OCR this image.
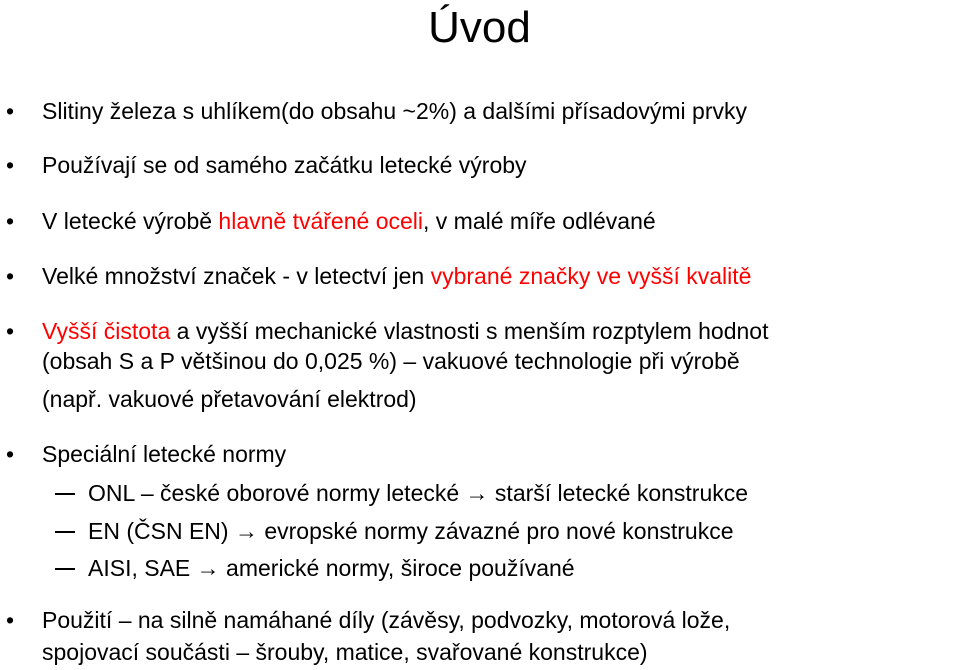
Úvod
• Slitiny železa s uhlíkem(do obsahu ~2%) a dalšími přísadovými prvky
• Používají se od samého začátku letecké výroby
• V letecké výrobě hlavně tvářené oceli, v malé míře odlévané
• Velké množství značek - v letectví jen vybrané značky ve vyšší kvalitě
• Vyšší čistota a vyšší mechanické vlastnosti s menším rozptylem hodnot
(obsah S a P většinou do 0,025 %) – vakuové technologie při výrobě
(např. vakuové přetavování elektrod)
• Speciální letecké normy
ONL – české oborové normy letecké → starší letecké konstrukce
EN (ČSN EN) → evropské normy závazné pro nové konstrukce
AISI, SAE → americké normy, široce používané
• Použití – na silně namáhané díly (závěsy, podvozky, motorová lože,
spojovací součásti – šrouby, matice, svařované konstrukce)
